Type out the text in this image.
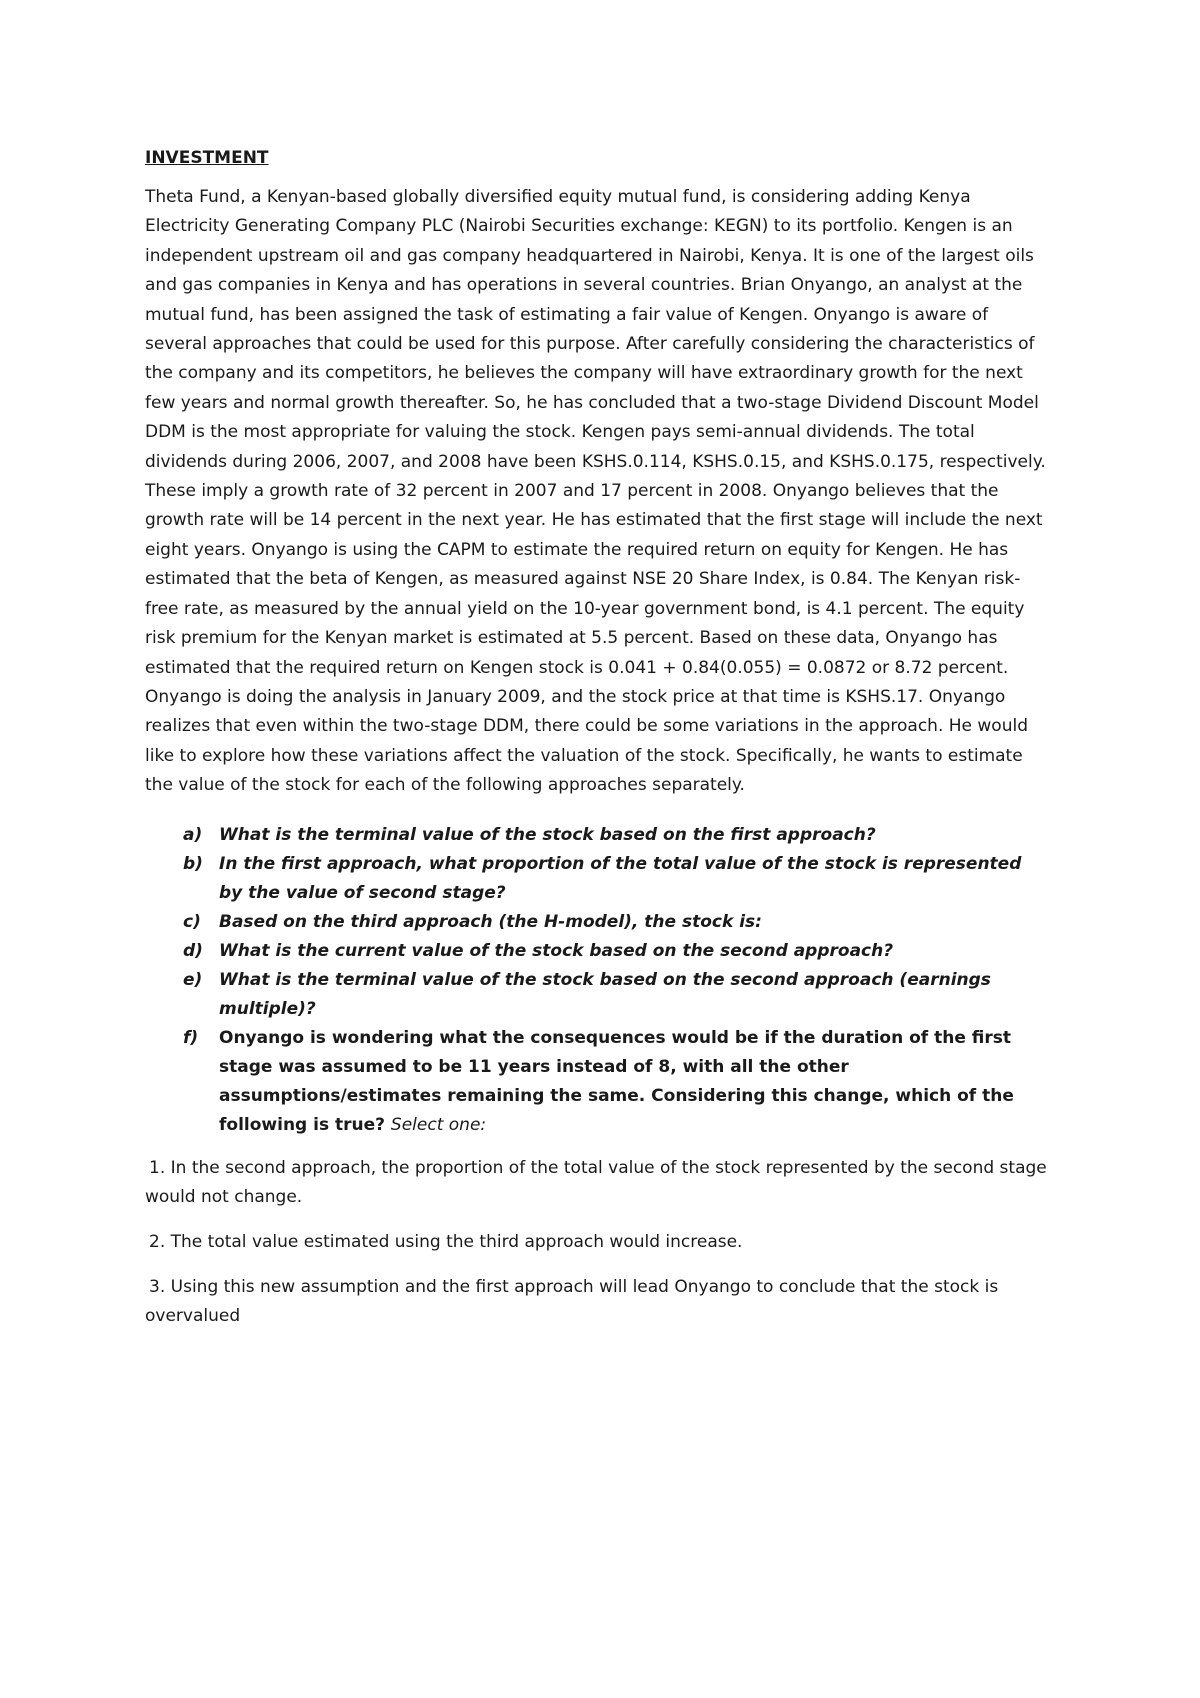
INVESTMENT

Theta Fund, a Kenyan-based globally diversified equity mutual fund, is considering adding Kenya Electricity Generating Company PLC (Nairobi Securities exchange: KEGN) to its portfolio. Kengen is an independent upstream oil and gas company headquartered in Nairobi, Kenya. It is one of the largest oils and gas companies in Kenya and has operations in several countries. Brian Onyango, an analyst at the mutual fund, has been assigned the task of estimating a fair value of Kengen. Onyango is aware of several approaches that could be used for this purpose. After carefully considering the characteristics of the company and its competitors, he believes the company will have extraordinary growth for the next few years and normal growth thereafter. So, he has concluded that a two-stage Dividend Discount Model DDM is the most appropriate for valuing the stock. Kengen pays semi-annual dividends. The total dividends during 2006, 2007, and 2008 have been KSHS.0.114, KSHS.0.15, and KSHS.0.175, respectively. These imply a growth rate of 32 percent in 2007 and 17 percent in 2008. Onyango believes that the growth rate will be 14 percent in the next year. He has estimated that the first stage will include the next eight years. Onyango is using the CAPM to estimate the required return on equity for Kengen. He has estimated that the beta of Kengen, as measured against NSE 20 Share Index, is 0.84. The Kenyan risk-free rate, as measured by the annual yield on the 10-year government bond, is 4.1 percent. The equity risk premium for the Kenyan market is estimated at 5.5 percent. Based on these data, Onyango has estimated that the required return on Kengen stock is 0.041 + 0.84(0.055) = 0.0872 or 8.72 percent. Onyango is doing the analysis in January 2009, and the stock price at that time is KSHS.17. Onyango realizes that even within the two-stage DDM, there could be some variations in the approach. He would like to explore how these variations affect the valuation of the stock. Specifically, he wants to estimate the value of the stock for each of the following approaches separately.

a) What is the terminal value of the stock based on the first approach?
b) In the first approach, what proportion of the total value of the stock is represented by the value of second stage?
c)	Based on the third approach (the H-model), the stock is:
d) What is the current value of the stock based on the second approach?
e) What is the terminal value of the stock based on the second approach (earnings multiple)?
f)	Onyango is wondering what the consequences would be if the duration of the first stage was assumed to be 11 years instead of 8, with all the other assumptions/estimates remaining the same. Considering this change, which of the following is true? Select one:

1. In the second approach, the proportion of the total value of the stock represented by the second stage would not change.

2. The total value estimated using the third approach would increase.

3. Using this new assumption and the first approach will lead Onyango to conclude that the stock is overvalued
